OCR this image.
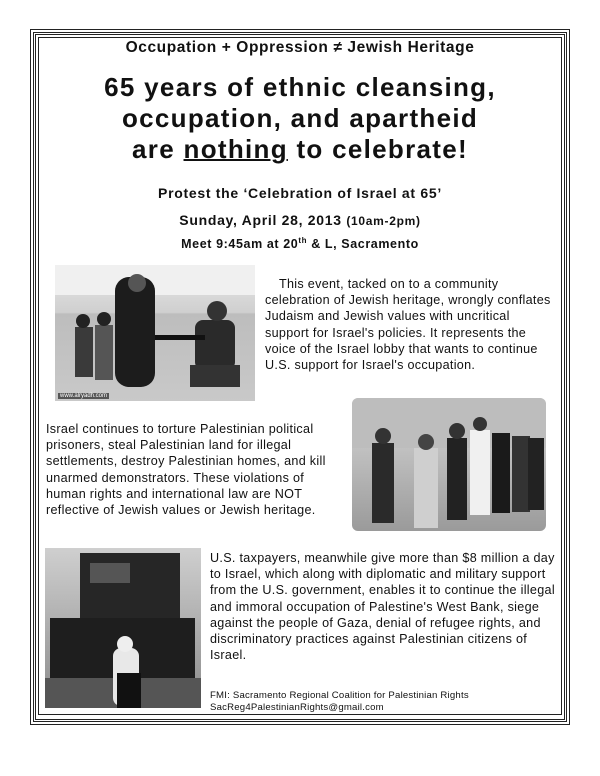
Occupation + Oppression ≠ Jewish Heritage
65 years of ethnic cleansing,
occupation, and apartheid
are nothing to celebrate!
Protest the ‘Celebration of Israel at 65’
Sunday, April 28, 2013 (10am-2pm)
Meet 9:45am at 20th & L, Sacramento
www.alryadh.com

This event, tacked on to a community celebration of Jewish heritage, wrongly conflates Judaism and Jewish values with uncritical support for Israel's policies. It represents the voice of the Israel lobby that wants to continue U.S. support for Israel's occupation.

Israel continues to torture Palestinian political prisoners, steal Palestinian land for illegal settlements, destroy Palestinian homes, and kill unarmed demonstrators. These violations of human rights and international law are NOT reflective of Jewish values or Jewish heritage.

U.S. taxpayers, meanwhile give more than $8 million a day to Israel, which along with diplomatic and military support from the U.S. government, enables it to continue the illegal and immoral occupation of Palestine's West Bank, siege against the people of Gaza, denial of refugee rights, and discriminatory practices against Palestinian citizens of Israel.

FMI: Sacramento Regional Coalition for Palestinian Rights
SacReg4PalestinianRights@gmail.com
